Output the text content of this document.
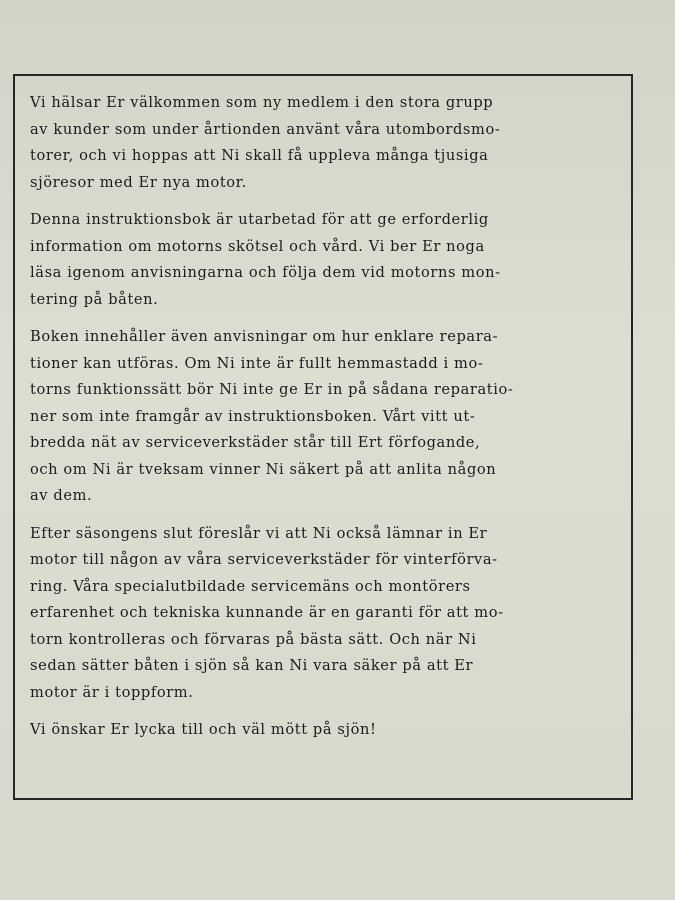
Vi hälsar Er välkommen som ny medlem i den stora grupp
av kunder som under årtionden använt våra utombordsmo-
torer, och vi hoppas att Ni skall få uppleva många tjusiga
sjöresor med Er nya motor.
Denna instruktionsbok är utarbetad för att ge erforderlig
information om motorns skötsel och vård. Vi ber Er noga
läsa igenom anvisningarna och följa dem vid motorns mon-
tering på båten.
Boken innehåller även anvisningar om hur enklare repara-
tioner kan utföras. Om Ni inte är fullt hemmastadd i mo-
torns funktionssätt bör Ni inte ge Er in på sådana reparatio-
ner som inte framgår av instruktionsboken. Vårt vitt ut-
bredda nät av serviceverkstäder står till Ert förfogande,
och om Ni är tveksam vinner Ni säkert på att anlita någon
av dem.
Efter säsongens slut föreslår vi att Ni också lämnar in Er
motor till någon av våra serviceverkstäder för vinterförva-
ring. Våra specialutbildade servicemäns och montörers
erfarenhet och tekniska kunnande är en garanti för att mo-
torn kontrolleras och förvaras på bästa sätt. Och när Ni
sedan sätter båten i sjön så kan Ni vara säker på att Er
motor är i toppform.
Vi önskar Er lycka till och väl mött på sjön!
